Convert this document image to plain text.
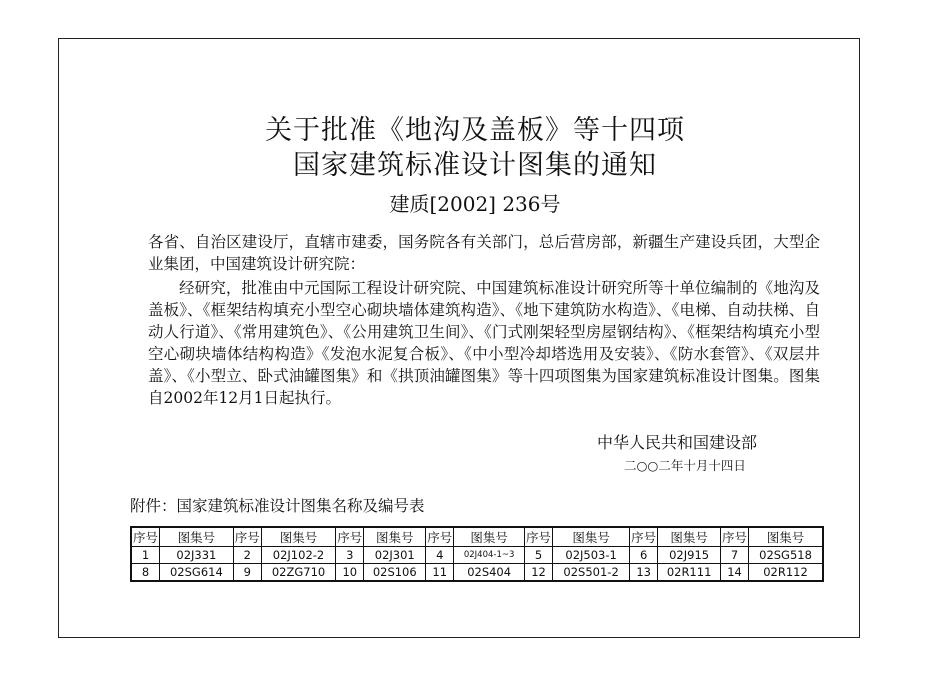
关于批准《地沟及盖板》等十四项
国家建筑标准设计图集的通知
建质[2002] 236号
各省、自治区建设厅，直辖市建委，国务院各有关部门，总后营房部，新疆生产建设兵团，大型企业集团，中国建筑设计研究院：
经研究，批准由中元国际工程设计研究院、中国建筑标准设计研究所等十单位编制的《地沟及盖板》、《框架结构填充小型空心砌块墙体建筑构造》、《地下建筑防水构造》、《电梯、自动扶梯、自动人行道》、《常用建筑色》、《公用建筑卫生间》、《门式刚架轻型房屋钢结构》、《框架结构填充小型空心砌块墙体结构构造》《发泡水泥复合板》、《中小型冷却塔选用及安装》、《防水套管》、《双层井盖》、《小型立、卧式油罐图集》和《拱顶油罐图集》等十四项图集为国家建筑标准设计图集。图集自2002年12月1日起执行。
中华人民共和国建设部
二○○二年十月十四日
附件：国家建筑标准设计图集名称及编号表
序号	图集号	序号	图集号	序号	图集号	序号	图集号	序号	图集号	序号	图集号	序号	图集号
1	02J331	2	02J102-2	3	02J301	4	02J404-1~3	5	02J503-1	6	02J915	7	02SG518
8	02SG614	9	02ZG710	10	02S106	11	02S404	12	02S501-2	13	02R111	14	02R112
